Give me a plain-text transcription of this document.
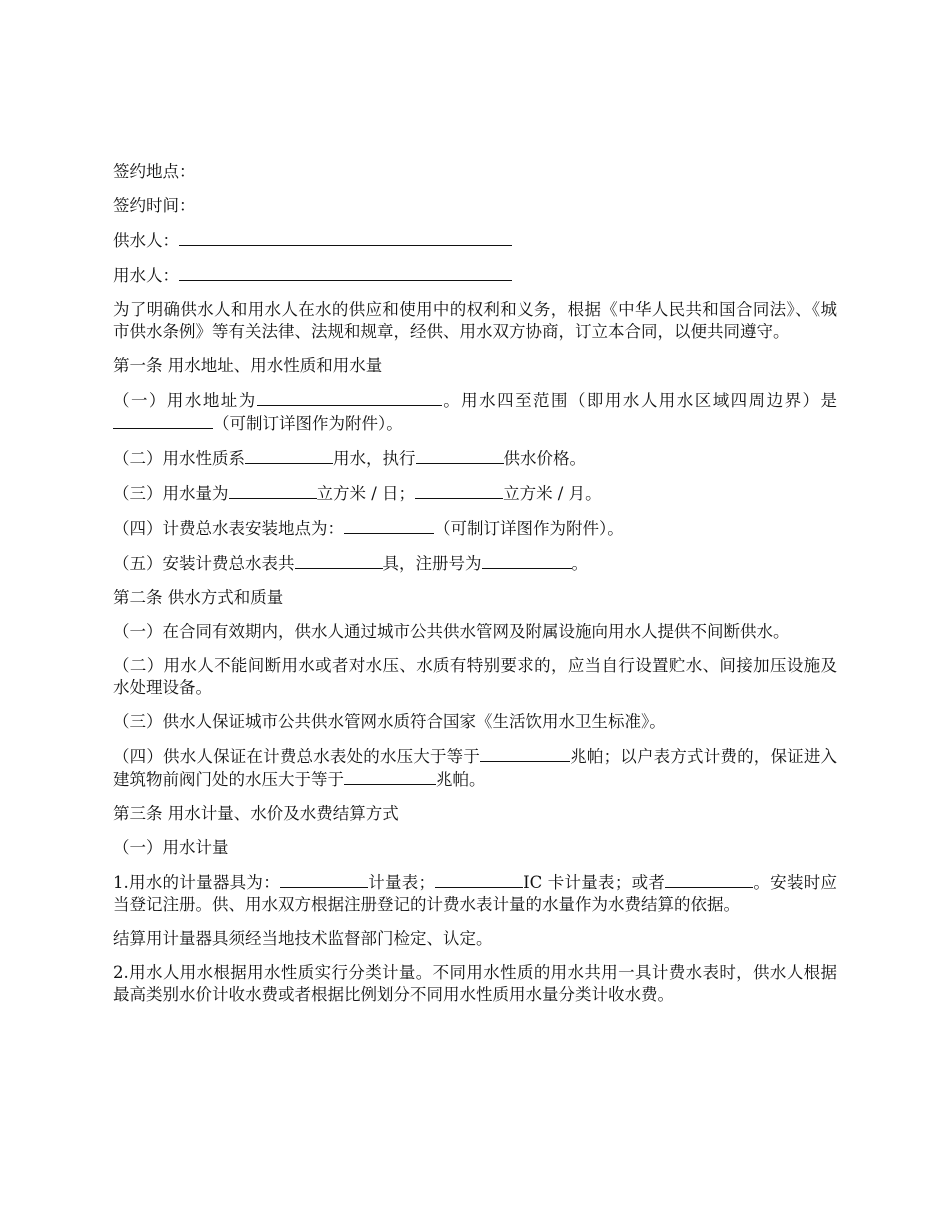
签约地点：

签约时间：

供水人：

用水人：

为了明确供水人和用水人在水的供应和使用中的权利和义务，根据《中华人民共和国合同法》、《城市供水条例》等有关法律、法规和规章，经供、用水双方协商，订立本合同，以便共同遵守。

第一条 用水地址、用水性质和用水量

（一）用水地址为	。用水四至范围（即用水人用水区域四周边界）是（可制订详图作为附件）。

（二）用水性质系	用水，执行	供水价格。

（三）用水量为	立方米 / 日；	立方米 / 月。

（四）计费总水表安装地点为：	（可制订详图作为附件）。

（五）安装计费总水表共	具，注册号为	。

第二条 供水方式和质量

（一）在合同有效期内，供水人通过城市公共供水管网及附属设施向用水人提供不间断供水。

（二）用水人不能间断用水或者对水压、水质有特别要求的，应当自行设置贮水、间接加压设施及水处理设备。

（三）供水人保证城市公共供水管网水质符合国家《生活饮用水卫生标准》。

（四）供水人保证在计费总水表处的水压大于等于	兆帕；以户表方式计费的，保证进入建筑物前阀门处的水压大于等于	兆帕。

第三条 用水计量、水价及水费结算方式

（一）用水计量

1.用水的计量器具为：	计量表；	IC 卡计量表；或者	。安装时应当登记注册。供、用水双方根据注册登记的计费水表计量的水量作为水费结算的依据。

结算用计量器具须经当地技术监督部门检定、认定。

2.用水人用水根据用水性质实行分类计量。不同用水性质的用水共用一具计费水表时，供水人根据最高类别水价计收水费或者根据比例划分不同用水性质用水量分类计收水费。
